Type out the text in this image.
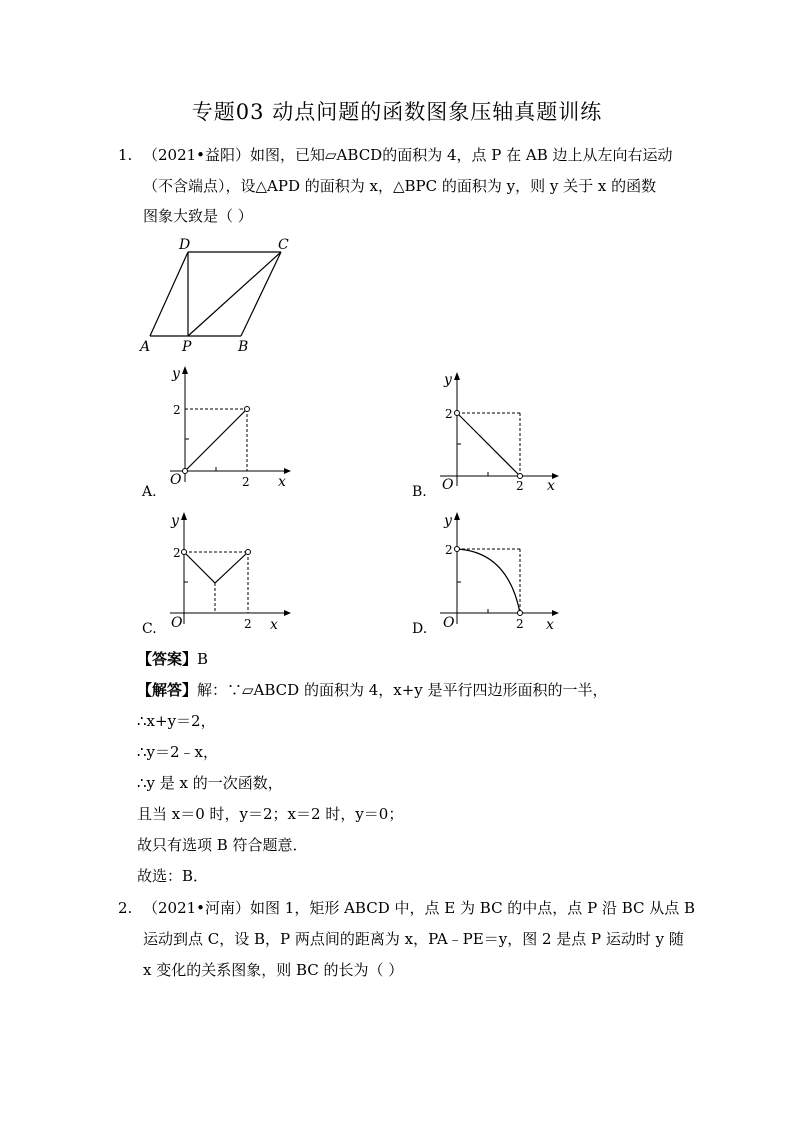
专题03 动点问题的函数图象压轴真题训练
1. （2021•益阳）如图，已知▱ABCD的面积为 4，点 P 在 AB 边上从左向右运动
（不含端点），设△APD 的面积为 x，△BPC 的面积为 y，则 y 关于 x 的函数
图象大致是（ ）
A P	B
D	C
A.
y
x
O
2
2
B.
y
x
O
2
2
C.
y
x
O
2
2	D.
y
x
O
2
2
【答案】B
【解答】解：∵▱ABCD 的面积为 4，x+y 是平行四边形面积的一半，
∴x+y＝2，
∴y＝2﹣x，
∴y 是 x 的一次函数，
且当 x＝0 时，y＝2；x＝2 时，y＝0；
故只有选项 B 符合题意．
故选：B．
2. （2021•河南）如图 1，矩形 ABCD 中，点 E 为 BC 的中点，点 P 沿 BC 从点 B
运动到点 C，设 B，P 两点间的距离为 x，PA﹣PE＝y，图 2 是点 P 运动时 y 随
x 变化的关系图象，则 BC 的长为（ ）
